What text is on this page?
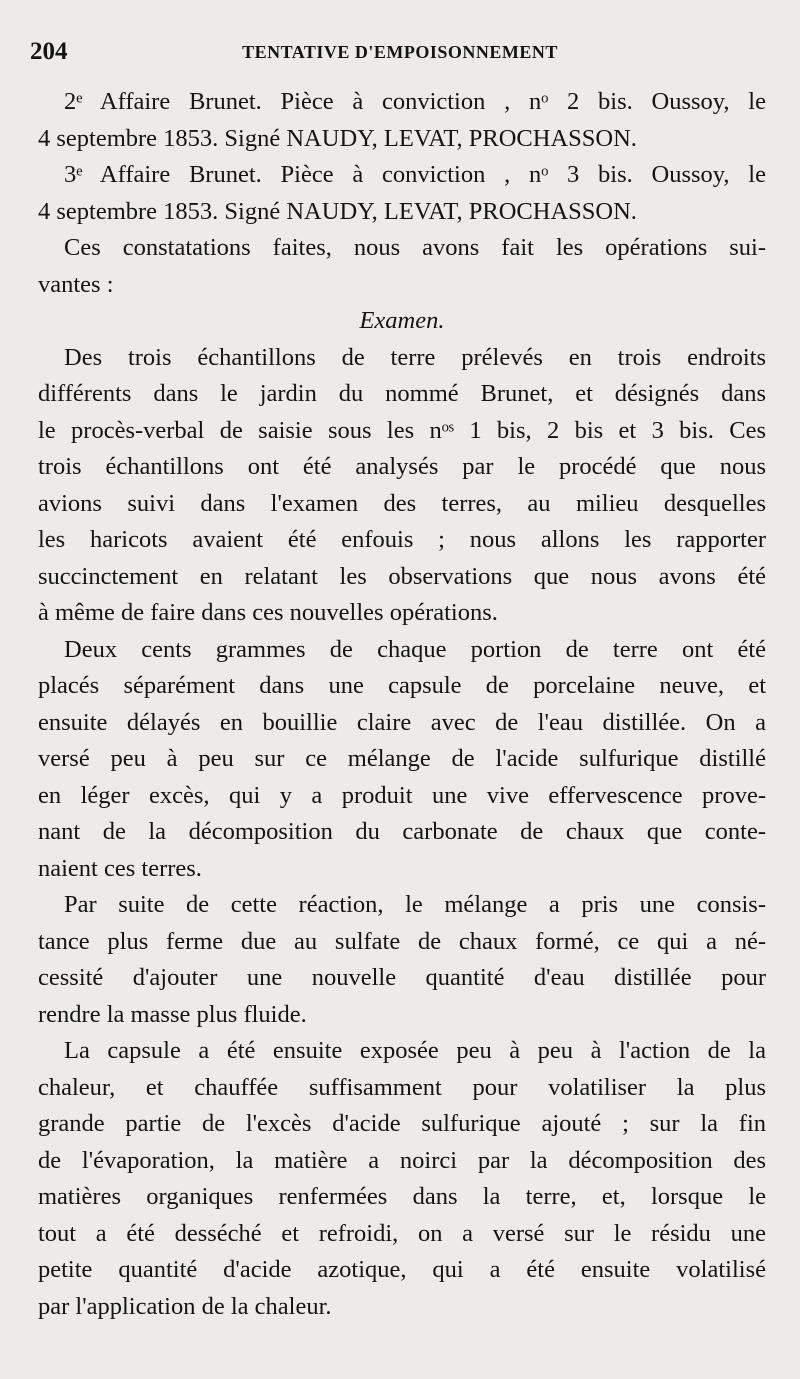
204	TENTATIVE D'EMPOISONNEMENT
2ᵉ Affaire Brunet. Pièce à conviction , nᵒ 2 bis. Oussoy, le
4 septembre 1853. Signé NAUDY, LEVAT, PROCHASSON.
3ᵉ Affaire Brunet. Pièce à conviction , nᵒ 3 bis. Oussoy, le
4 septembre 1853. Signé NAUDY, LEVAT, PROCHASSON.
Ces constatations faites, nous avons fait les opérations sui-
vantes :
Examen.
Des trois échantillons de terre prélevés en trois endroits
différents dans le jardin du nommé Brunet, et désignés dans
le procès-verbal de saisie sous les nᵒˢ 1 bis, 2 bis et 3 bis. Ces
trois échantillons ont été analysés par le procédé que nous
avions suivi dans l'examen des terres, au milieu desquelles
les haricots avaient été enfouis ; nous allons les rapporter
succinctement en relatant les observations que nous avons été
à même de faire dans ces nouvelles opérations.
Deux cents grammes de chaque portion de terre ont été
placés séparément dans une capsule de porcelaine neuve, et
ensuite délayés en bouillie claire avec de l'eau distillée. On a
versé peu à peu sur ce mélange de l'acide sulfurique distillé
en léger excès, qui y a produit une vive effervescence prove-
nant de la décomposition du carbonate de chaux que conte-
naient ces terres.
Par suite de cette réaction, le mélange a pris une consis-
tance plus ferme due au sulfate de chaux formé, ce qui a né-
cessité d'ajouter une nouvelle quantité d'eau distillée pour
rendre la masse plus fluide.
La capsule a été ensuite exposée peu à peu à l'action de la
chaleur, et chauffée suffisamment pour volatiliser la plus
grande partie de l'excès d'acide sulfurique ajouté ; sur la fin
de l'évaporation, la matière a noirci par la décomposition des
matières organiques renfermées dans la terre, et, lorsque le
tout a été desséché et refroidi, on a versé sur le résidu une
petite quantité d'acide azotique, qui a été ensuite volatilisé
par l'application de la chaleur.
